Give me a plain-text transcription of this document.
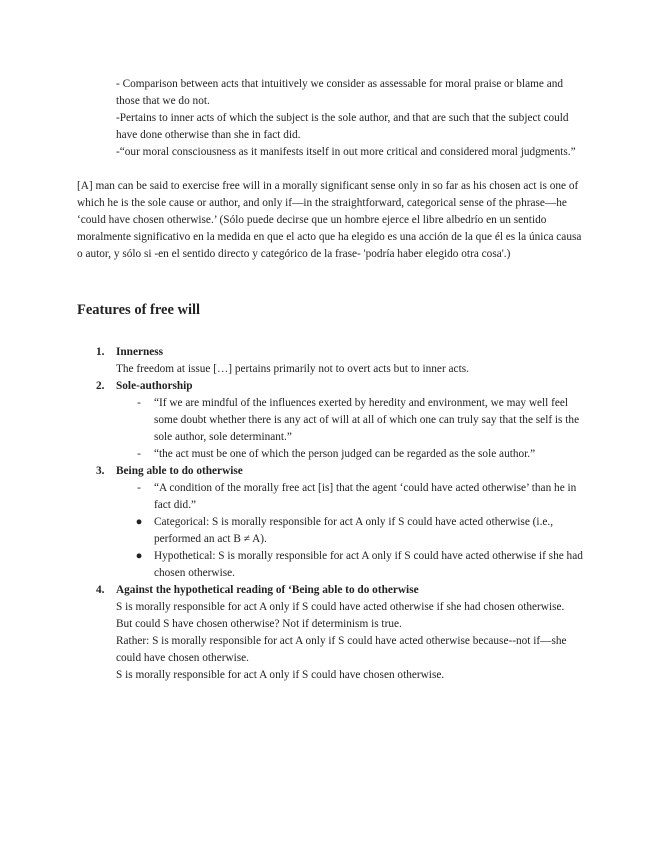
- Comparison between acts that intuitively we consider as assessable for moral praise or blame and those that we do not.

-Pertains to inner acts of which the subject is the sole author, and that are such that the subject could have done otherwise than she in fact did.

-“our moral consciousness as it manifests itself in out more critical and considered moral judgments.”

[A] man can be said to exercise free will in a morally significant sense only in so far as his chosen act is one of which he is the sole cause or author, and only if—in the straightforward, categorical sense of the phrase—he ‘could have chosen otherwise.’ (Sólo puede decirse que un hombre ejerce el libre albedrío en un sentido moralmente significativo en la medida en que el acto que ha elegido es una acción de la que él es la única causa o autor, y sólo si -en el sentido directo y categórico de la frase- 'podría haber elegido otra cosa'.)

Features of free will
1. Innerness
The freedom at issue […] pertains primarily not to overt acts but to inner acts.
2. Sole-authorship
-	“If we are mindful of the influences exerted by heredity and environment, we may well feel some doubt whether there is any act of will at all of which one can truly say that the self is the sole author, sole determinant.”
-	“the act must be one of which the person judged can be regarded as the sole author.”
3. Being able to do otherwise
-	“A condition of the morally free act [is] that the agent ‘could have acted otherwise’ than he in fact did.”
●	Categorical: S is morally responsible for act A only if S could have acted otherwise (i.e., performed an act B ≠ A).
●	Hypothetical: S is morally responsible for act A only if S could have acted otherwise if she had chosen otherwise.
4. Against the hypothetical reading of ‘Being able to do otherwise
S is morally responsible for act A only if S could have acted otherwise if she had chosen otherwise.
But could S have chosen otherwise? Not if determinism is true.
Rather: S is morally responsible for act A only if S could have acted otherwise because--not if—she could have chosen otherwise.
S is morally responsible for act A only if S could have chosen otherwise.
